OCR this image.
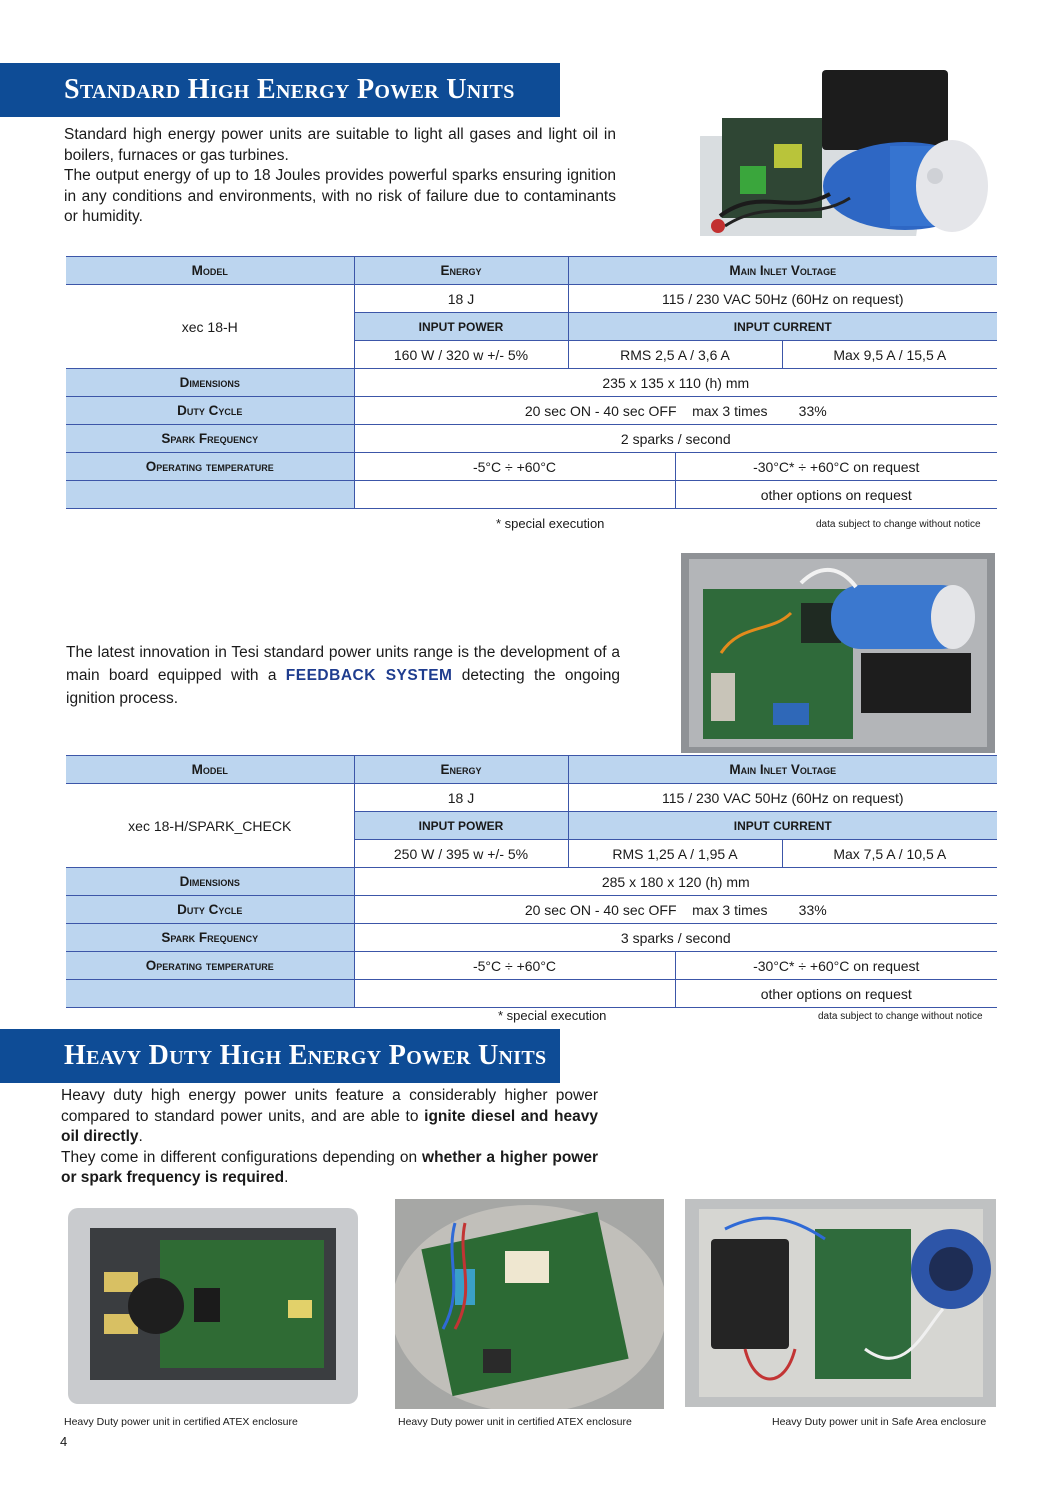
Standard High Energy Power Units

Standard high energy power units are suitable to light all gases and light oil in boilers, furnaces or gas turbines.

The output energy of up to 18 Joules provides powerful sparks ensuring ignition in any conditions and environments, with no risk of failure due to contaminants or humidity.

Model	Energy	Main Inlet Voltage		
xec 18-H	18 J	115 / 230 VAC 50Hz (60Hz on request)		
	INPUT POWER	INPUT CURRENT		
	160 W / 320 w +/- 5%	RMS 2,5 A / 3,6 A		Max 9,5 A / 15,5 A
Dimensions	235 x 135 x 110 (h) mm			
Duty Cycle	20 sec ON - 40 sec OFF    max 3 times        33%			
Spark Frequency	2 sparks / second			
Operating temperature	-5°C ÷ +60°C		-30°C* ÷ +60°C on request	
			other options on request	
* special execution	data subject to change without notice
The latest innovation in Tesi standard power units range is the development of a main board equipped with a FEEDBACK SYSTEM detecting the ongoing ignition process.
Model	Energy	Main Inlet Voltage		
xec 18-H/SPARK_CHECK	18 J	115 / 230 VAC 50Hz (60Hz on request)		
	INPUT POWER	INPUT CURRENT		
	250 W / 395 w +/- 5%	RMS 1,25 A / 1,95 A		Max 7,5 A / 10,5 A
Dimensions	285 x 180 x 120 (h) mm			
Duty Cycle	20 sec ON - 40 sec OFF    max 3 times        33%			
Spark Frequency	3 sparks / second			
Operating temperature	-5°C ÷ +60°C		-30°C* ÷ +60°C on request	
			other options on request	
* special execution	data subject to change without notice
Heavy Duty High Energy Power Units

Heavy duty high energy power units feature a considerably higher power compared to standard power units, and are able to ignite diesel and heavy oil directly.

They come in different configurations depending on whether a higher power or spark frequency is required.

Heavy Duty power unit in certified ATEX enclosure	Heavy Duty power unit in certified ATEX enclosure	Heavy Duty power unit in Safe Area enclosure
4
